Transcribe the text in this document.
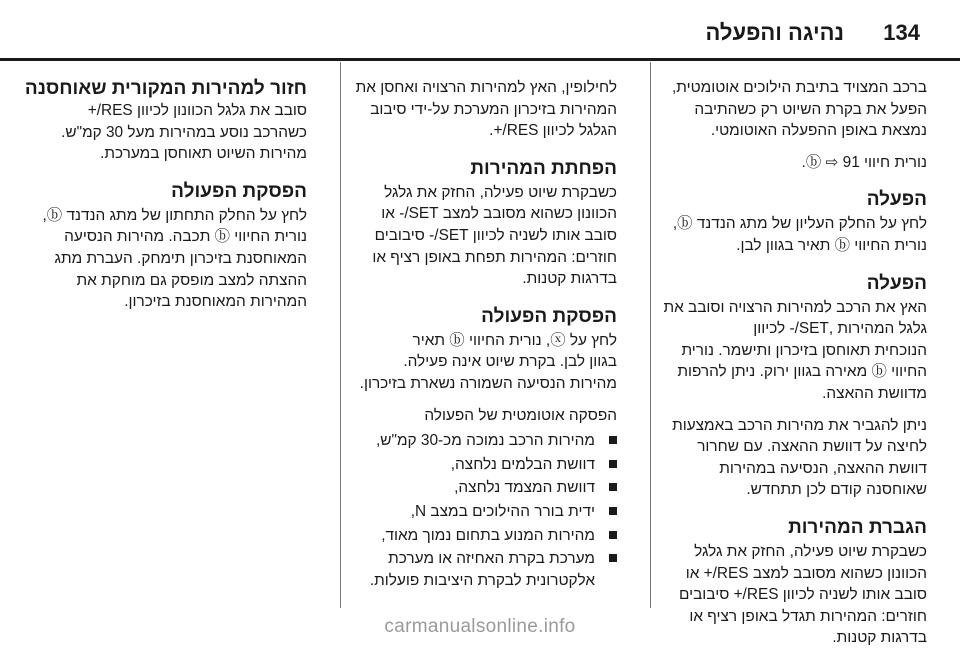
134
נהיגה והפעלה

ברכב המצויד בתיבת הילוכים אוטומטית,
הפעל את בקרת השיוט רק כשהתיבה
נמצאת באופן ההפעלה האוטומטי.

נורית חיווי ⓑ ⇨ 91.

הפעלה

לחץ על החלק העליון של מתג הנדנד ⓑ,
נורית החיווי ⓑ תאיר בגוון לבן.

הפעלה

האץ את הרכב למהירות הרצויה וסובב את
גלגל המהירות ,SET/- לכיוון
הנוכחית תאוחסן בזיכרון ותישמר. נורית
החיווי ⓑ מאירה בגוון ירוק. ניתן להרפות
מדוושת ההאצה.

ניתן להגביר את מהירות הרכב באמצעות
לחיצה על דוושת ההאצה. עם שחרור
דוושת ההאצה, הנסיעה במהירות
שאוחסנה קודם לכן תתחדש.

הגברת המהירות

כשבקרת שיוט פעילה, החזק את גלגל
הכוונון כשהוא מסובב למצב RES/+ או
סובב אותו לשניה לכיוון RES/+ סיבובים
חוזרים: המהירות תגדל באופן רציף או
בדרגות קטנות.

לחילופין, האץ למהירות הרצויה ואחסן את
המהירות בזיכרון המערכת על-ידי סיבוב
הגלגל לכיוון RES/+.

הפחתת המהירות

כשבקרת שיוט פעילה, החזק את גלגל
הכוונון כשהוא מסובב למצב SET/- או
סובב אותו לשניה לכיוון SET/- סיבובים
חוזרים: המהירות תפחת באופן רציף או
בדרגות קטנות.

הפסקת הפעולה

לחץ על ⓧ, נורית החיווי ⓑ תאיר
בגוון לבן. בקרת שיוט אינה פעילה.
מהירות הנסיעה השמורה נשארת בזיכרון.

הפסקה אוטומטית של הפעולה

מהירות הרכב נמוכה מכ-30 קמ"ש,
דוושת הבלמים נלחצה,
דוושת המצמד נלחצה,
ידית בורר ההילוכים במצב N,
מהירות המנוע בתחום נמוך מאוד,
מערכת בקרת האחיזה או מערכת
אלקטרונית לבקרת היציבות פועלות.
חזור למהירות המקורית שאוחסנה

סובב את גלגל הכוונון לכיוון RES/+
כשהרכב נוסע במהירות מעל 30 קמ"ש.
מהירות השיוט תאוחסן במערכת.

הפסקת הפעולה

לחץ על החלק התחתון של מתג הנדנד ⓑ,
נורית החיווי ⓑ תכבה. מהירות הנסיעה
המאוחסנת בזיכרון תימחק. העברת מתג
ההצתה למצב מופסק גם מוחקת את
המהירות המאוחסנת בזיכרון.

carmanualsonline.info
